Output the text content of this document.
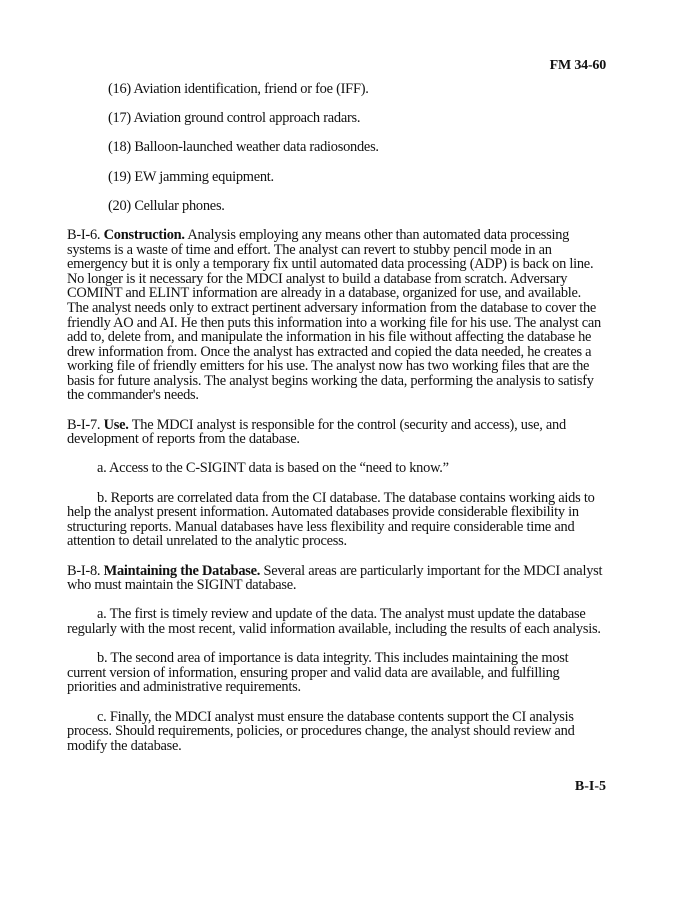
FM 34-60
(16) Aviation identification, friend or foe (IFF).
(17) Aviation ground control approach radars.
(18) Balloon-launched weather data radiosondes.
(19) EW jamming equipment.
(20) Cellular phones.

B-I-6. Construction. Analysis employing any means other than automated data processing systems is a waste of time and effort. The analyst can revert to stubby pencil mode in an emergency but it is only a temporary fix until automated data processing (ADP) is back on line. No longer is it necessary for the MDCI analyst to build a database from scratch. Adversary COMINT and ELINT information are already in a database, organized for use, and available. The analyst needs only to extract pertinent adversary information from the database to cover the friendly AO and AI. He then puts this information into a working file for his use. The analyst can add to, delete from, and manipulate the information in his file without affecting the database he drew information from. Once the analyst has extracted and copied the data needed, he creates a working file of friendly emitters for his use. The analyst now has two working files that are the basis for future analysis. The analyst begins working the data, performing the analysis to satisfy the commander's needs.

B-I-7. Use. The MDCI analyst is responsible for the control (security and access), use, and development of reports from the database.

a. Access to the C-SIGINT data is based on the “need to know.”

b. Reports are correlated data from the CI database. The database contains working aids to help the analyst present information. Automated databases provide considerable flexibility in structuring reports. Manual databases have less flexibility and require considerable time and attention to detail unrelated to the analytic process.

B-I-8. Maintaining the Database. Several areas are particularly important for the MDCI analyst who must maintain the SIGINT database.

a. The first is timely review and update of the data. The analyst must update the database regularly with the most recent, valid information available, including the results of each analysis.

b. The second area of importance is data integrity. This includes maintaining the most current version of information, ensuring proper and valid data are available, and fulfilling priorities and administrative requirements.

c. Finally, the MDCI analyst must ensure the database contents support the CI analysis process. Should requirements, policies, or procedures change, the analyst should review and modify the database.

B-I-5
